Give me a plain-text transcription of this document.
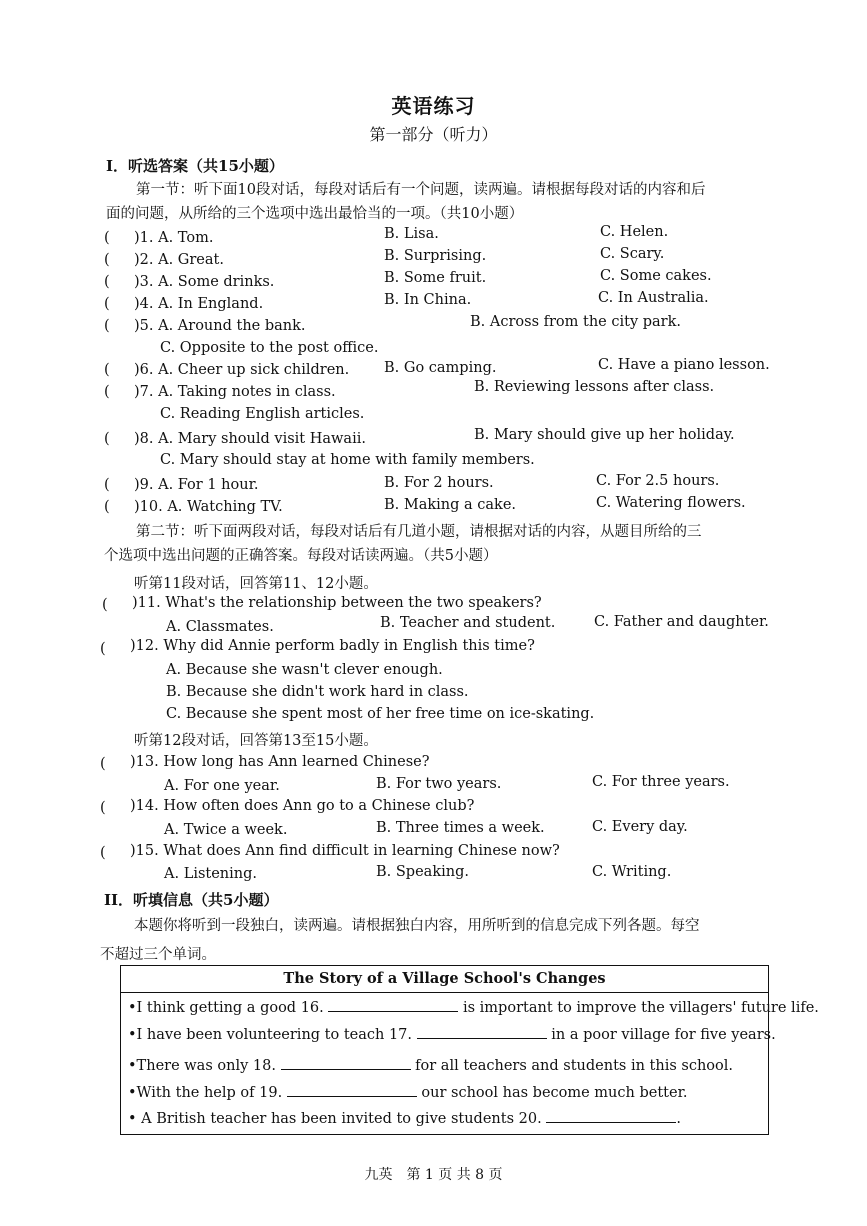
英语练习
第一部分（听力）
I．听选答案（共15小题）
第一节：听下面10段对话，每段对话后有一个问题，读两遍。请根据每段对话的内容和后
面的问题，从所给的三个选项中选出最恰当的一项。（共10小题）
( )1. A. Tom.	B. Lisa.	C. Helen.
( )2. A. Great.	B. Surprising.	C. Scary.
( )3. A. Some drinks.	B. Some fruit.	C. Some cakes.
( )4. A. In England.	B. In China.	C. In Australia.
( )5. A. Around the bank.	B. Across from the city park.
C. Opposite to the post office.
( )6. A. Cheer up sick children. B. Go camping.	C. Have a piano lesson.
( )7. A. Taking notes in class.	B. Reviewing lessons after class.
C. Reading English articles.
( )8. A. Mary should visit Hawaii.	B. Mary should give up her holiday.
C. Mary should stay at home with family members.
( )9. A. For 1 hour.	B. For 2 hours.	C. For 2.5 hours.
( )10. A. Watching TV.	B. Making a cake.	C. Watering flowers.
第二节：听下面两段对话，每段对话后有几道小题，请根据对话的内容，从题目所给的三
个选项中选出问题的正确答案。每段对话读两遍。（共5小题）
听第11段对话，回答第11、12小题。
( )11. What's the relationship between the two speakers?
A. Classmates.	B. Teacher and student.	C. Father and daughter.
( )12. Why did Annie perform badly in English this time?
A. Because she wasn't clever enough.
B. Because she didn't work hard in class.
C. Because she spent most of her free time on ice-skating.
听第12段对话，回答第13至15小题。
( )13. How long has Ann learned Chinese?
A. For one year.	B. For two years.	C. For three years.
( )14. How often does Ann go to a Chinese club?
A. Twice a week.	B. Three times a week.	C. Every day.
( )15. What does Ann find difficult in learning Chinese now?
A. Listening.	B. Speaking.	C. Writing.
II．听填信息（共5小题）
本题你将听到一段独白，读两遍。请根据独白内容，用所听到的信息完成下列各题。每空
不超过三个单词。
The Story of a Village School's Changes
•I think getting a good 16.	is important to improve the villagers' future life.
•I have been volunteering to teach 17.	in a poor village for five years.
•There was only 18.	for all teachers and students in this school.
•With the help of 19.	our school has become much better.
• A British teacher has been invited to give students 20.	.
九英　第 1 页 共 8 页
